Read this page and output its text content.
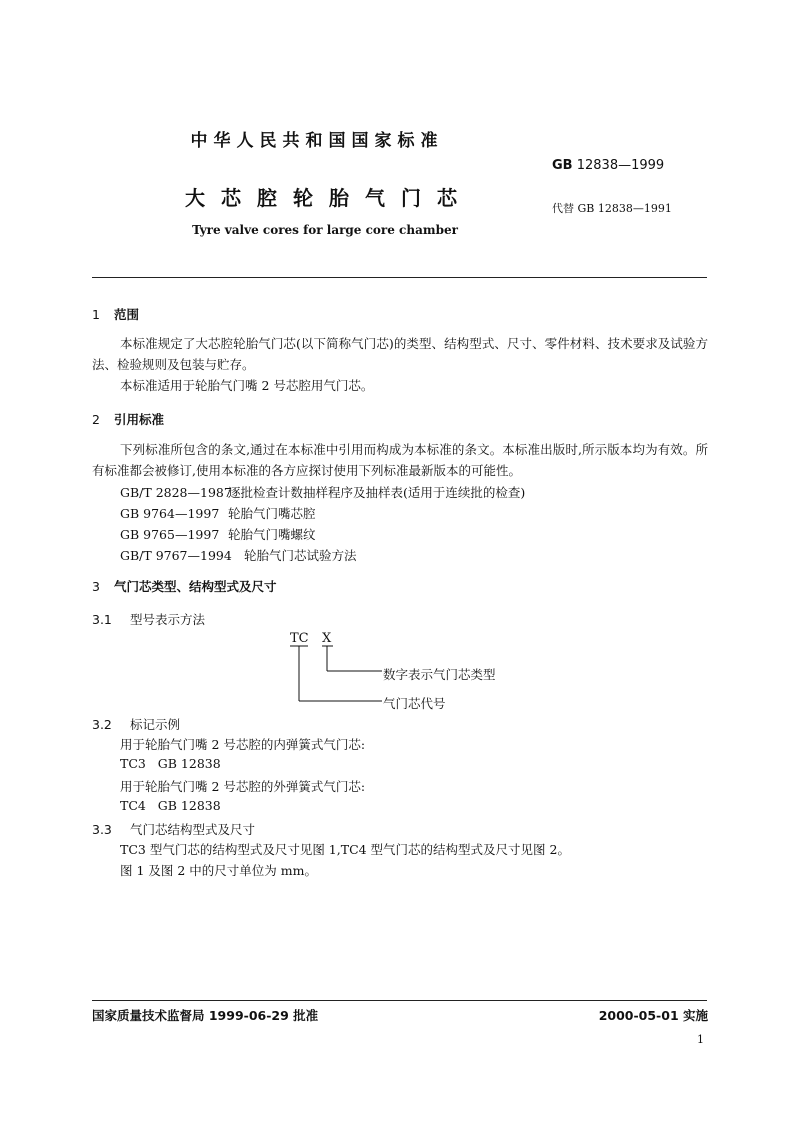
中华人民共和国国家标准
GB 12838—1999
大芯腔轮胎气门芯	代替 GB 12838—1991
Tyre valve cores for large core chamber
1 范围
本标准规定了大芯腔轮胎气门芯(以下简称气门芯)的类型、结构型式、尺寸、零件材料、技术要求及试验方法、检验规则及包装与贮存。
本标准适用于轮胎气门嘴 2 号芯腔用气门芯。
2 引用标准
下列标准所包含的条文,通过在本标准中引用而构成为本标准的条文。本标准出版时,所示版本均为有效。所有标准都会被修订,使用本标准的各方应探讨使用下列标准最新版本的可能性。
GB/T 2828—1987逐批检查计数抽样程序及抽样表(适用于连续批的检查)
GB 9764—1997 轮胎气门嘴芯腔
GB 9765—1997 轮胎气门嘴螺纹
GB/T 9767—1994 轮胎气门芯试验方法
3 气门芯类型、结构型式及尺寸
3.1 型号表示方法
TC X
数字表示气门芯类型
气门芯代号
3.2 标记示例
用于轮胎气门嘴 2 号芯腔的内弹簧式气门芯:
TC3   GB 12838
用于轮胎气门嘴 2 号芯腔的外弹簧式气门芯:
TC4   GB 12838
3.3 气门芯结构型式及尺寸
TC3 型气门芯的结构型式及尺寸见图 1,TC4 型气门芯的结构型式及尺寸见图 2。
图 1 及图 2 中的尺寸单位为 mm。
国家质量技术监督局 1999-06-29 批准	2000-05-01 实施
1
